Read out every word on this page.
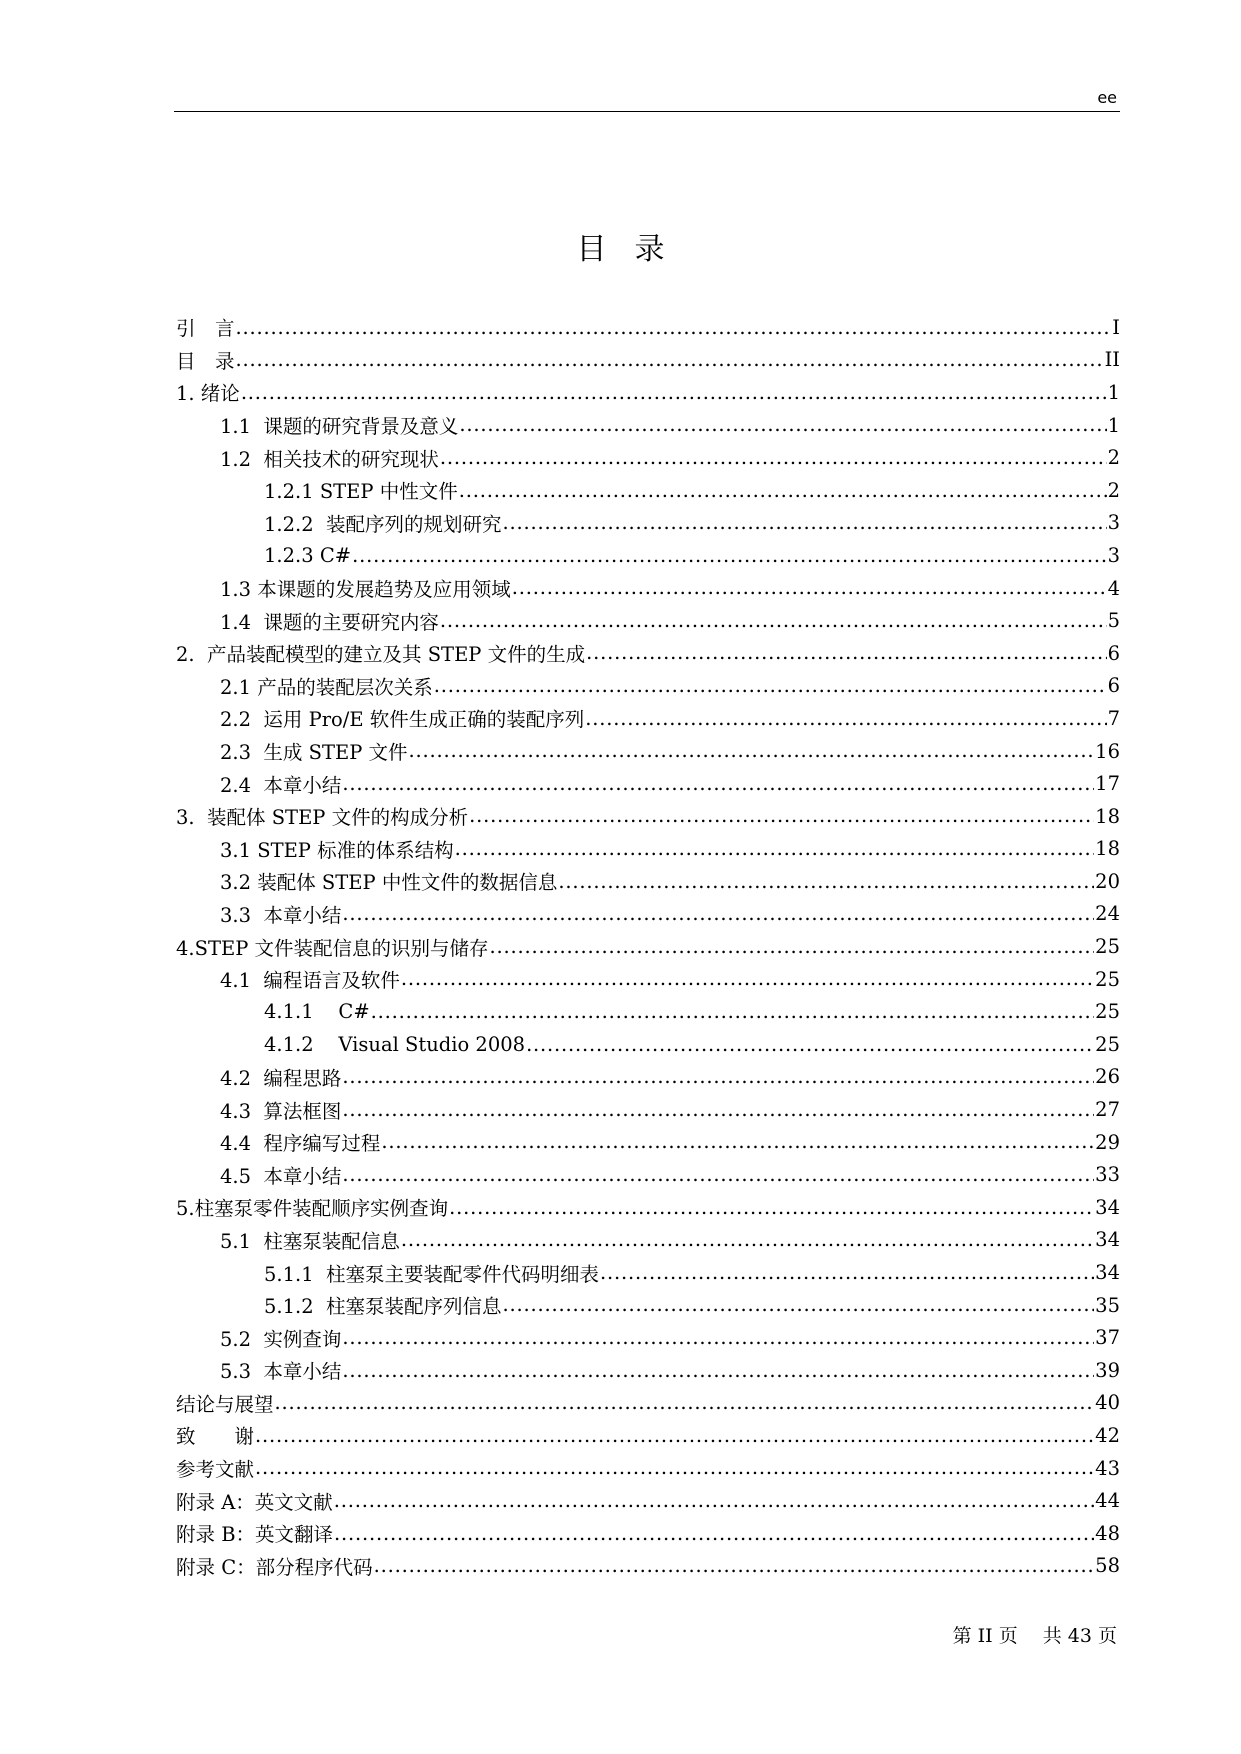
ee
目录
引　言 .....	I
目　录 .....	II
1. 绪论 .....	1
1.1  课题的研究背景及意义 .....	1
1.2  相关技术的研究现状 .....	2
1.2.1 STEP 中性文件 .....	2
1.2.2  装配序列的规划研究 .....	3
1.2.3 C# .....	3
1.3 本课题的发展趋势及应用领域 .....	4
1.4  课题的主要研究内容 .....	5
2.  产品装配模型的建立及其 STEP 文件的生成 .....	6
2.1 产品的装配层次关系 .....	6
2.2  运用 Pro/E 软件生成正确的装配序列 .....	7
2.3  生成 STEP 文件 .....	16
2.4  本章小结 .....	17
3.  装配体 STEP 文件的构成分析 .....	18
3.1 STEP 标准的体系结构 .....	18
3.2 装配体 STEP 中性文件的数据信息 .....	20
3.3  本章小结 .....	24
4.STEP 文件装配信息的识别与储存 .....	25
4.1  编程语言及软件 .....	25
4.1.1    C# .....	25
4.1.2    Visual Studio 2008 .....	25
4.2  编程思路 .....	26
4.3  算法框图 .....	27
4.4  程序编写过程 .....	29
4.5  本章小结 .....	33
5.柱塞泵零件装配顺序实例查询 .....	34
5.1  柱塞泵装配信息 .....	34
5.1.1  柱塞泵主要装配零件代码明细表 .....	34
5.1.2  柱塞泵装配序列信息 .....	35
5.2  实例查询 .....	37
5.3  本章小结 .....	39
结论与展望 .....	40
致　　谢 .....	42
参考文献 .....	43
附录 A：英文文献 .....	44
附录 B：英文翻译 .....	48
附录 C：部分程序代码 .....	58
第 II 页　 共 43 页
